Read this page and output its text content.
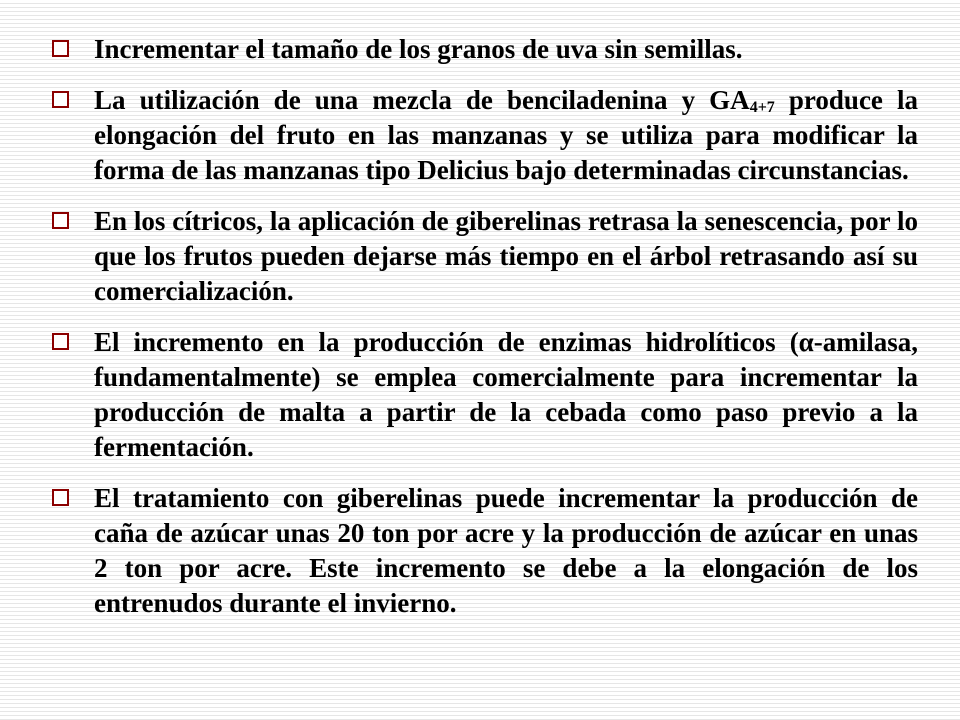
Incrementar el tamaño de los granos de uva sin semillas.
La utilización de una mezcla de benciladenina y $GA_{4+7}$ produce la elongación del fruto en las manzanas y se utiliza para modificar la forma de las manzanas tipo Delicius bajo determinadas circunstancias.
En los cítricos, la aplicación de giberelinas retrasa la senescencia, por lo que los frutos pueden dejarse más tiempo en el árbol retrasando así su comercialización.
El incremento en la producción de enzimas hidrolíticos (α-amilasa, fundamentalmente) se emplea comercialmente para incrementar la producción de malta a partir de la cebada como paso previo a la fermentación.
El tratamiento con giberelinas puede incrementar la producción de caña de azúcar unas 20 ton por acre y la producción de azúcar en unas 2 ton por acre. Este incremento se debe a la elongación de los entrenudos durante el invierno.
